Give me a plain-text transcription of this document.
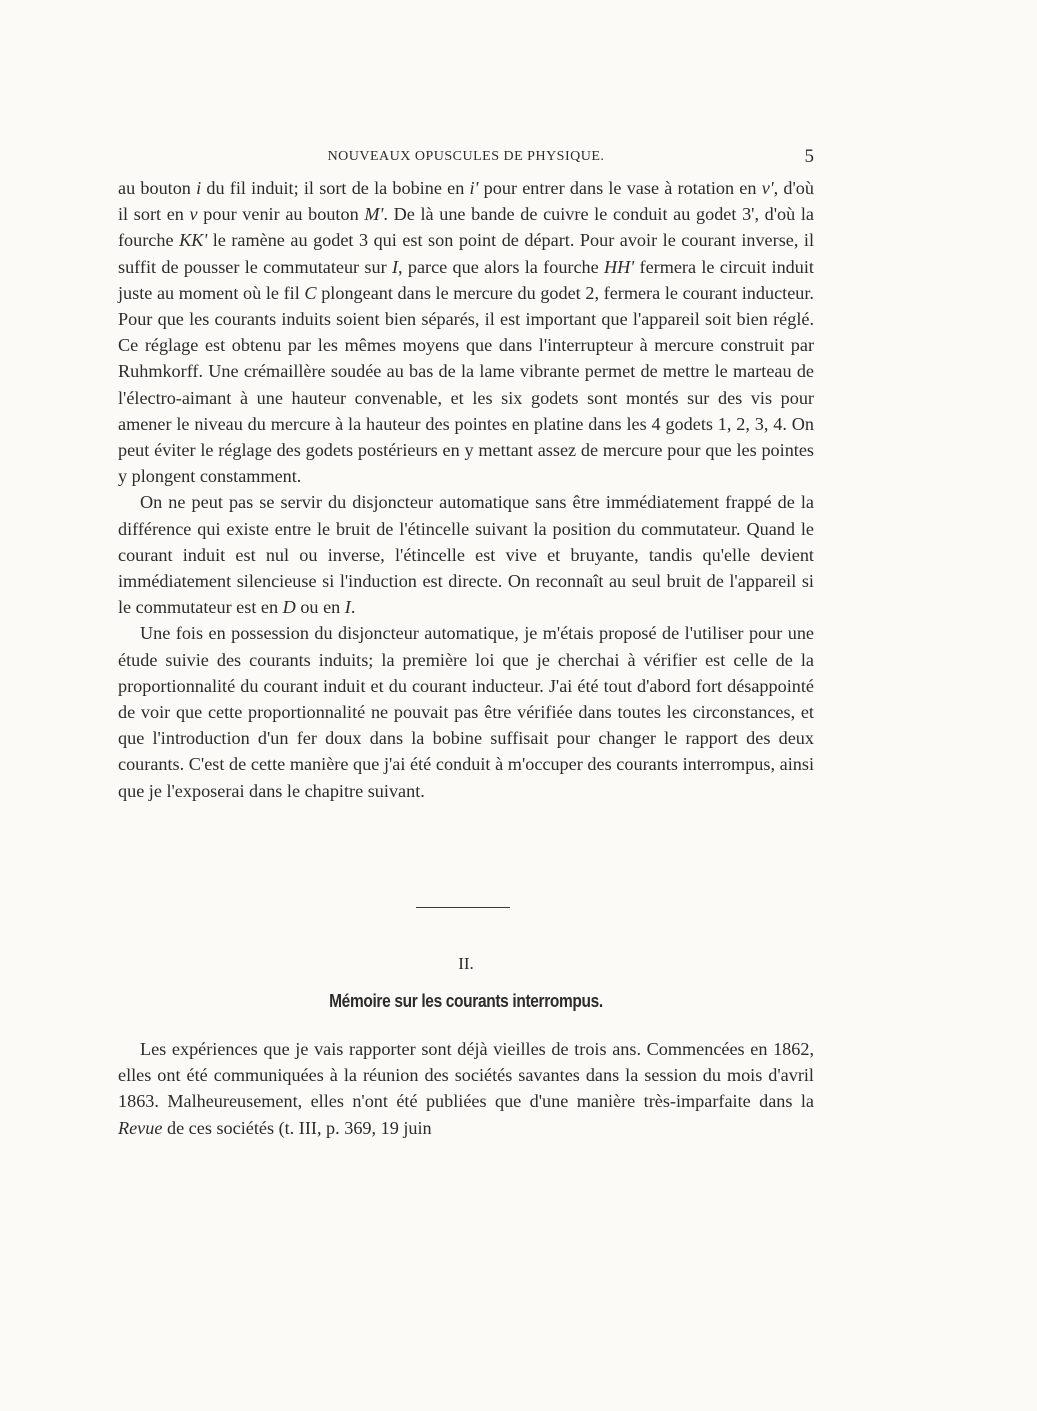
NOUVEAUX OPUSCULES DE PHYSIQUE.	5

au bouton i du fil induit; il sort de la bobine en i' pour entrer dans le vase à rotation en v', d'où il sort en v pour venir au bouton M'. De là une bande de cuivre le conduit au godet 3', d'où la fourche KK' le ramène au godet 3 qui est son point de départ. Pour avoir le courant inverse, il suffit de pousser le commutateur sur I, parce que alors la fourche HH' fermera le circuit induit juste au moment où le fil C plongeant dans le mercure du godet 2, fermera le courant inducteur. Pour que les courants induits soient bien séparés, il est important que l'appareil soit bien réglé. Ce réglage est obtenu par les mêmes moyens que dans l'interrupteur à mercure construit par Ruhmkorff. Une crémaillère soudée au bas de la lame vibrante permet de mettre le marteau de l'électro-aimant à une hauteur convenable, et les six godets sont montés sur des vis pour amener le niveau du mercure à la hauteur des pointes en platine dans les 4 godets 1, 2, 3, 4. On peut éviter le réglage des godets postérieurs en y mettant assez de mercure pour que les pointes y plongent constamment.

On ne peut pas se servir du disjoncteur automatique sans être immédiatement frappé de la différence qui existe entre le bruit de l'étincelle suivant la position du commutateur. Quand le courant induit est nul ou inverse, l'étincelle est vive et bruyante, tandis qu'elle devient immédiatement silencieuse si l'induction est directe. On reconnaît au seul bruit de l'appareil si le commutateur est en D ou en I.

Une fois en possession du disjoncteur automatique, je m'étais proposé de l'utiliser pour une étude suivie des courants induits; la première loi que je cherchai à vérifier est celle de la proportionnalité du courant induit et du courant inducteur. J'ai été tout d'abord fort désappointé de voir que cette proportionnalité ne pouvait pas être vérifiée dans toutes les circonstances, et que l'introduction d'un fer doux dans la bobine suffisait pour changer le rapport des deux courants. C'est de cette manière que j'ai été conduit à m'occuper des courants interrompus, ainsi que je l'exposerai dans le chapitre suivant.

II.
Mémoire sur les courants interrompus.

Les expériences que je vais rapporter sont déjà vieilles de trois ans. Commencées en 1862, elles ont été communiquées à la réunion des sociétés savantes dans la session du mois d'avril 1863. Malheureusement, elles n'ont été publiées que d'une manière très-imparfaite dans la Revue de ces sociétés (t. III, p. 369, 19 juin
